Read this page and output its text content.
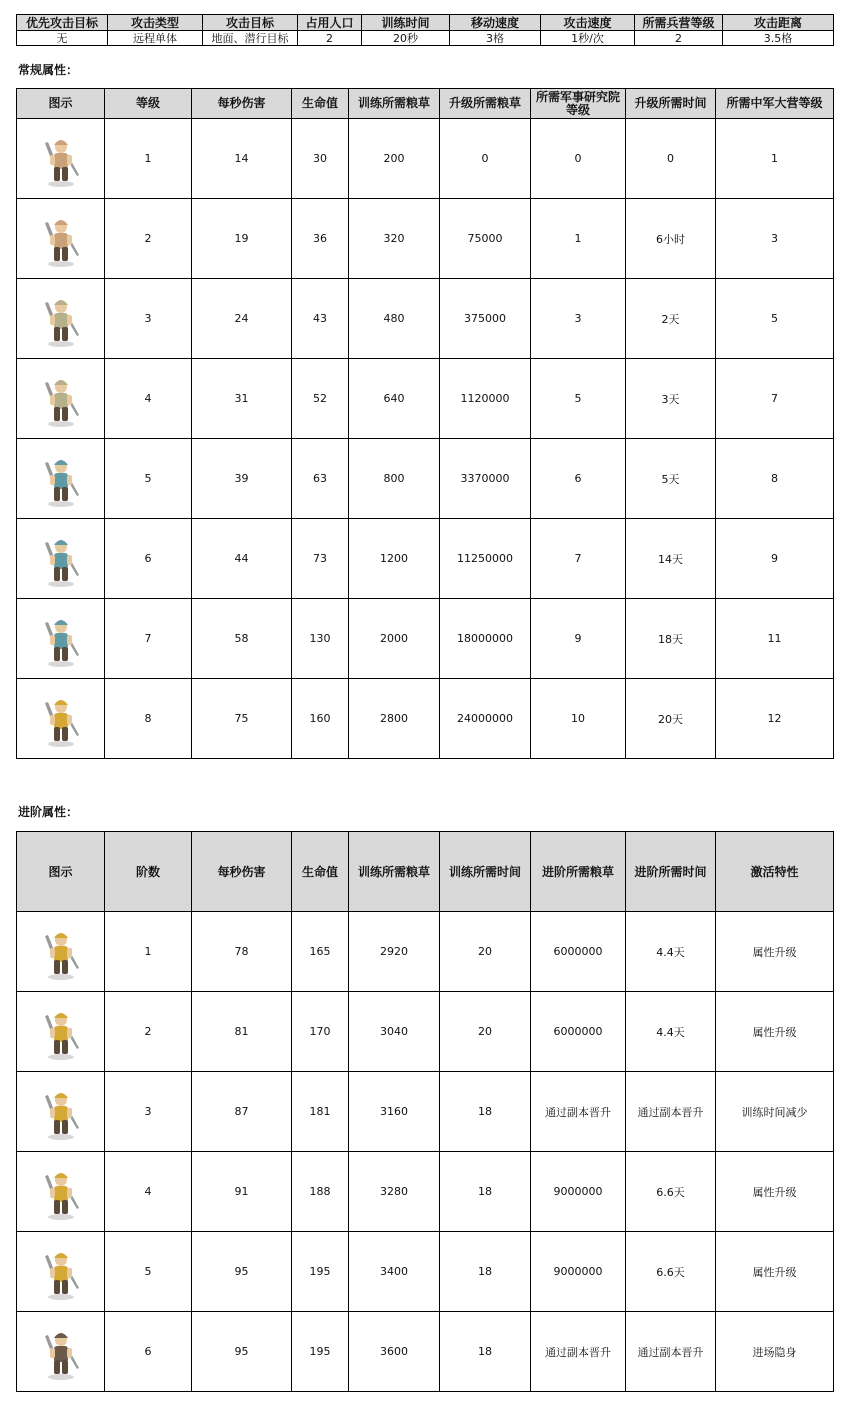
优先攻击目标	攻击类型	攻击目标	占用人口	训练时间	移动速度	攻击速度	所需兵营等级	攻击距离
无	远程单体	地面、潜行目标	2	20秒	3格	1秒/次	2	3.5格
常规属性：
图示	等级	每秒伤害	生命值	训练所需粮草	升级所需粮草	所需军事研究院等级	升级所需时间	所需中军大营等级

	1	14	30	200	0	0	0	1

	2	19	36	320	75000	1	6小时	3

	3	24	43	480	375000	3	2天	5

	4	31	52	640	1120000	5	3天	7

	5	39	63	800	3370000	6	5天	8

	6	44	73	1200	11250000	7	14天	9

	7	58	130	2000	18000000	9	18天	11

	8	75	160	2800	24000000	10	20天	12
进阶属性：
图示	阶数	每秒伤害	生命值	训练所需粮草	训练所需时间	进阶所需粮草	进阶所需时间	激活特性

	1	78	165	2920	20	6000000	4.4天	属性升级

	2	81	170	3040	20	6000000	4.4天	属性升级

	3	87	181	3160	18	通过副本晋升	通过副本晋升	训练时间减少

	4	91	188	3280	18	9000000	6.6天	属性升级

	5	95	195	3400	18	9000000	6.6天	属性升级

	6	95	195	3600	18	通过副本晋升	通过副本晋升	进场隐身
